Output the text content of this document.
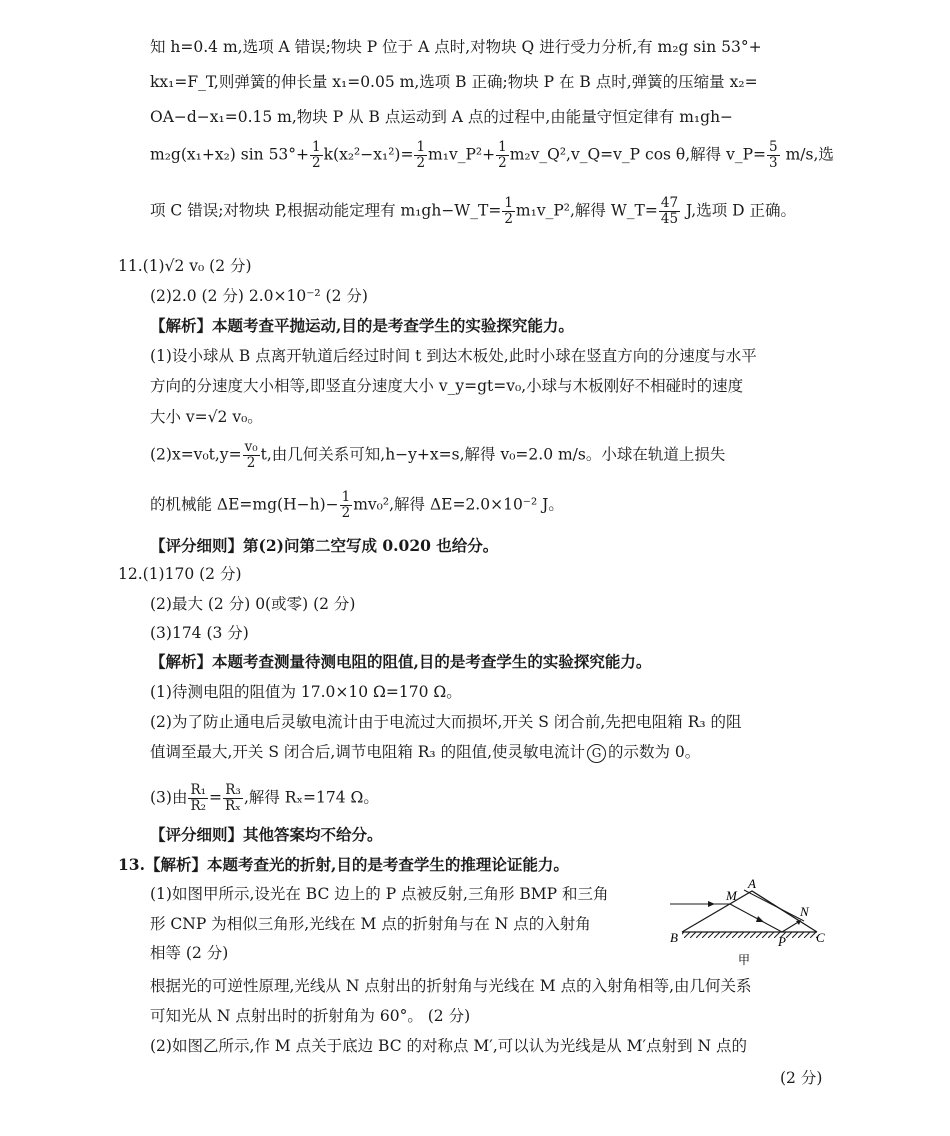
知 h=0.4 m,选项 A 错误;物块 P 位于 A 点时,对物块 Q 进行受力分析,有 m₂g sin 53°+
kx₁=F_T,则弹簧的伸长量 x₁=0.05 m,选项 B 正确;物块 P 在 B 点时,弹簧的压缩量 x₂=
OA−d−x₁=0.15 m,物块 P 从 B 点运动到 A 点的过程中,由能量守恒定律有 m₁gh−
m₂g(x₁+x₂) $\sin 53^\circ+ \frac{1}{2} k(x_2^2-x_1^2)= \frac{1}{2}$ m₁v_P²+ $\frac{1}{2}$ m₂v_Q²,v_Q=v_P cos θ,解得 v_P= $\frac{5}{3} m/s$,选
项 C 错误;对物块 P,根据动能定理有 m₁gh−W_T= $\frac{1}{2}$ m₁v_P²,解得 W_T= $\frac{47}{45} J$,选项 D 正确。
11.(1)√2 v₀ (2 分)
(2)2.0 (2 分) 2.0×10⁻² (2 分)
【解析】本题考查平抛运动,目的是考查学生的实验探究能力。
(1)设小球从 B 点离开轨道后经过时间 t 到达木板处,此时小球在竖直方向的分速度与水平
方向的分速度大小相等,即竖直分速度大小 v_y=gt=v₀,小球与木板刚好不相碰时的速度
大小 v=√2 v₀。
$(2)x=v_0t,y= \frac{\text{v₀}}{2} t$,由几何关系可知,h−y+x=s,解得 v₀=2.0 m/s。小球在轨道上损失
的机械能 $\Delta E=mg(H-h)- \frac{1}{2} mv_0^2$,解得 ΔE=2.0×10⁻² J。
【评分细则】第(2)问第二空写成 0.020 也给分。
12.(1)170 (2 分)
(2)最大 (2 分) 0(或零) (2 分)
(3)174 (3 分)
【解析】本题考查测量待测电阻的阻值,目的是考查学生的实验探究能力。
(1)待测电阻的阻值为 17.0×10 Ω=170 Ω。
(2)为了防止通电后灵敏电流计由于电流过大而损坏,开关 S 闭合前,先把电阻箱 R₃ 的阻
值调至最大,开关 S 闭合后,调节电阻箱 R₃ 的阻值,使灵敏电流计 G 的示数为 0。
(3)由 $\frac{\text{R₁}}{\text{R₂}} = \frac{\text{R₃}}{\text{Rₓ}}$ ,解得 Rₓ=174 Ω。
【评分细则】其他答案均不给分。
13.【解析】本题考查光的折射,目的是考查学生的推理论证能力。
(1)如图甲所示,设光在 BC 边上的 P 点被反射,三角形 BMP 和三角
形 CNP 为相似三角形,光线在 M 点的折射角与在 N 点的入射角
相等 (2 分)
根据光的可逆性原理,光线从 N 点射出的折射角与光线在 M 点的入射角相等,由几何关系
可知光从 N 点射出时的折射角为 60°。 (2 分)
(2)如图乙所示,作 M 点关于底边 BC 的对称点 M′,可以认为光线是从 M′点射到 N 点的
(2 分)
M
A
N
B	P C
甲
